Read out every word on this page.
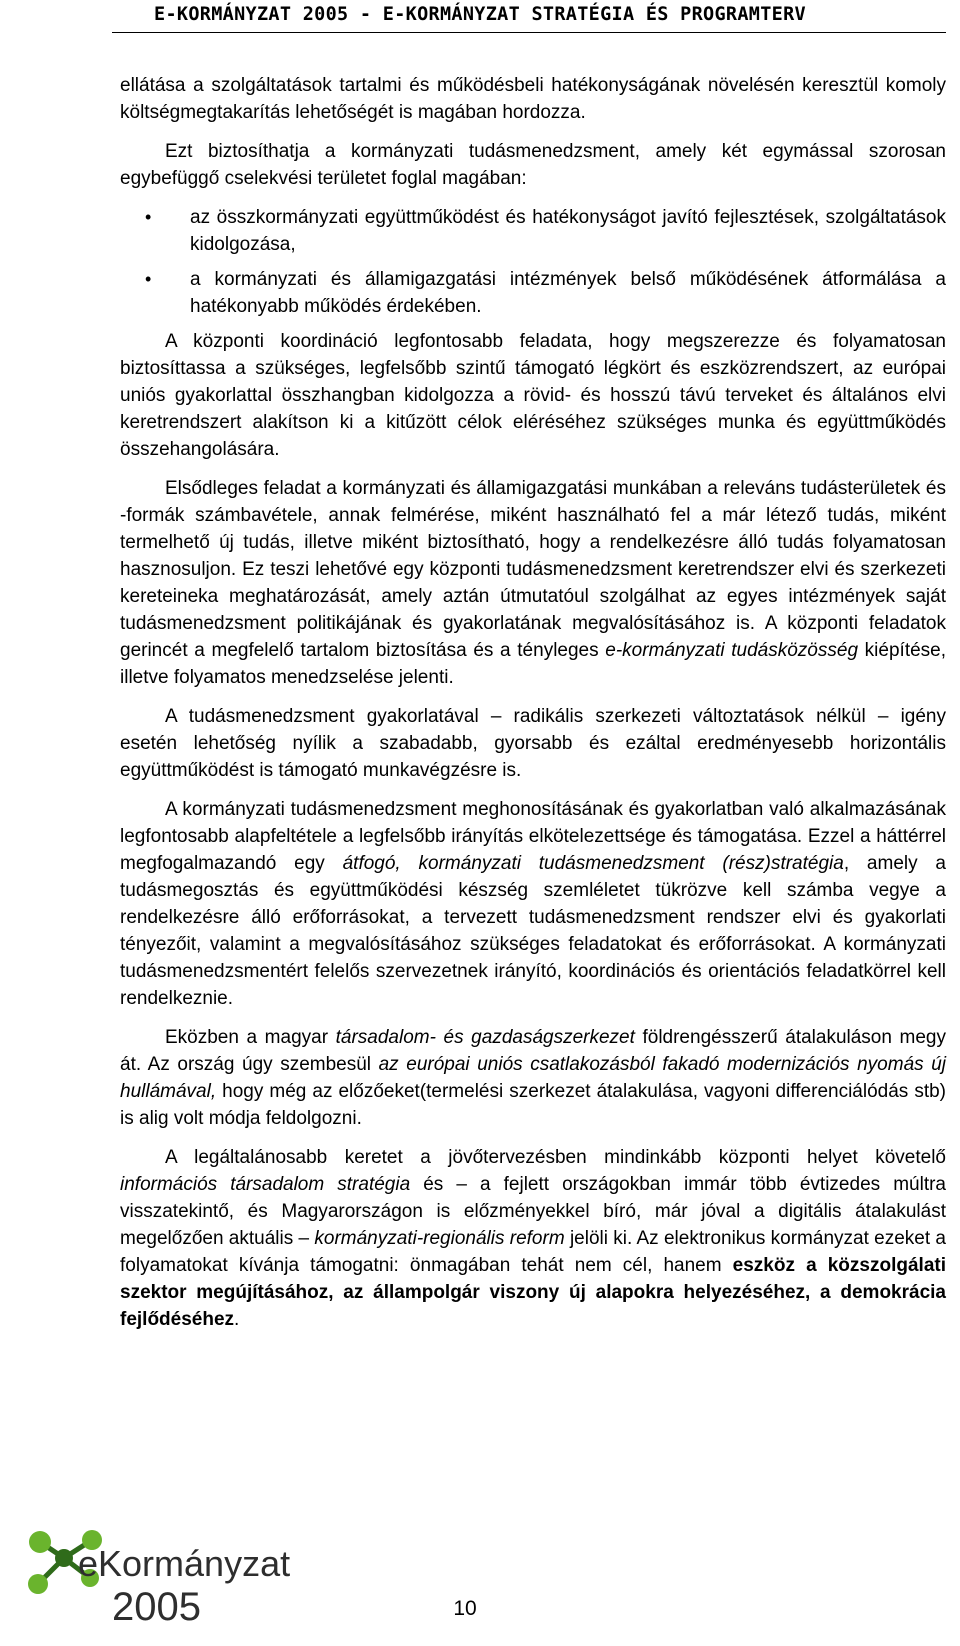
E-KORMÁNYZAT 2005 - E-KORMÁNYZAT STRATÉGIA ÉS PROGRAMTERV

ellátása a szolgáltatások tartalmi és működésbeli hatékonyságának növelésén keresztül komoly költségmegtakarítás lehetőségét is magában hordozza.

Ezt biztosíthatja a kormányzati tudásmenedzsment, amely két egymással szorosan egybefüggő cselekvési területet foglal magában:

• az összkormányzati együttműködést és hatékonyságot javító fejlesztések, szolgáltatások kidolgozása,
• a kormányzati és államigazgatási intézmények belső működésének átformálása a hatékonyabb működés érdekében.

A központi koordináció legfontosabb feladata, hogy megszerezze és folyamatosan biztosíttassa a szükséges, legfelsőbb szintű támogató légkört és eszközrendszert, az európai uniós gyakorlattal összhangban kidolgozza a rövid- és hosszú távú terveket és általános elvi keretrendszert alakítson ki a kitűzött célok eléréséhez szükséges munka és együttműködés összehangolására.

Elsődleges feladat a kormányzati és államigazgatási munkában a releváns tudásterületek és -formák számbavétele, annak felmérése, miként használható fel a már létező tudás, miként termelhető új tudás, illetve miként biztosítható, hogy a rendelkezésre álló tudás folyamatosan hasznosuljon. Ez teszi lehetővé egy központi tudásmenedzsment keretrendszer elvi és szerkezeti kereteineka meghatározását, amely aztán útmutatóul szolgálhat az egyes intézmények saját tudásmenedzsment politikájának és gyakorlatának megvalósításához is. A központi feladatok gerincét a megfelelő tartalom biztosítása és a tényleges e-kormányzati tudásközösség kiépítése, illetve folyamatos menedzselése jelenti.

A tudásmenedzsment gyakorlatával – radikális szerkezeti változtatások nélkül – igény esetén lehetőség nyílik a szabadabb, gyorsabb és ezáltal eredményesebb horizontális együttműködést is támogató munkavégzésre is.

A kormányzati tudásmenedzsment meghonosításának és gyakorlatban való alkalmazásának legfontosabb alapfeltétele a legfelsőbb irányítás elkötelezettsége és támogatása. Ezzel a háttérrel megfogalmazandó egy átfogó, kormányzati tudásmenedzsment (rész)stratégia, amely a tudásmegosztás és együttműködési készség szemléletet tükrözve kell számba vegye a rendelkezésre álló erőforrásokat, a tervezett tudásmenedzsment rendszer elvi és gyakorlati tényezőit, valamint a megvalósításához szükséges feladatokat és erőforrásokat. A kormányzati tudásmenedzsmentért felelős szervezetnek irányító, koordinációs és orientációs feladatkörrel kell rendelkeznie.

Eközben a magyar társadalom- és gazdaságszerkezet földrengésszerű átalakuláson megy át. Az ország úgy szembesül az európai uniós csatlakozásból fakadó modernizációs nyomás új hullámával, hogy még az előzőeket(termelési szerkezet átalakulása, vagyoni differenciálódás stb) is alig volt módja feldolgozni.

A legáltalánosabb keretet a jövőtervezésben mindinkább központi helyet követelő információs társadalom stratégia és – a fejlett országokban immár több évtizedes múltra visszatekintő, és Magyarországon is előzményekkel bíró, már jóval a digitális átalakulást megelőzően aktuális – kormányzati-regionális reform jelöli ki. Az elektronikus kormányzat ezeket a folyamatokat kívánja támogatni: önmagában tehát nem cél, hanem eszköz a közszolgálati szektor megújításához, az állampolgár viszony új alapokra helyezéséhez, a demokrácia fejlődéséhez.

eKormányzat
2005	10
